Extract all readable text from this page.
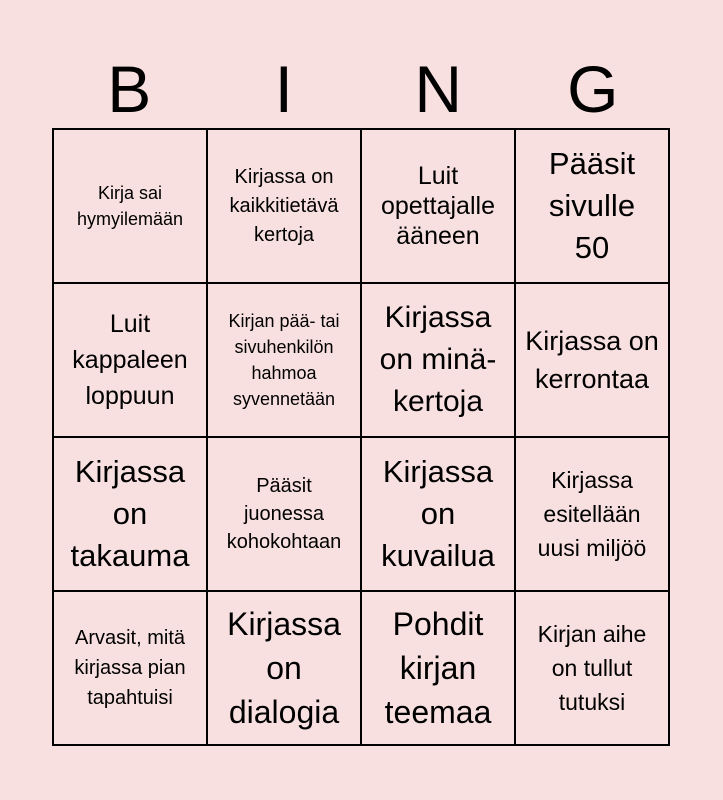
B	I	N	G
Kirja sai hymyilemään
Kirjassa on kaikkitietävä kertoja
Luit opettajalle ääneen
Pääsit sivulle 50
Luit kappaleen loppuun
Kirjan pää- tai sivuhenkilön hahmoa syvennetään
Kirjassa on minä- kertoja
Kirjassa on kerrontaa
Kirjassa on takauma
Pääsit juonessa kohokohtaan
Kirjassa on kuvailua
Kirjassa esitellään uusi miljöö
Arvasit, mitä kirjassa pian tapahtuisi
Kirjassa on dialogia
Pohdit kirjan teemaa
Kirjan aihe on tullut tutuksi
